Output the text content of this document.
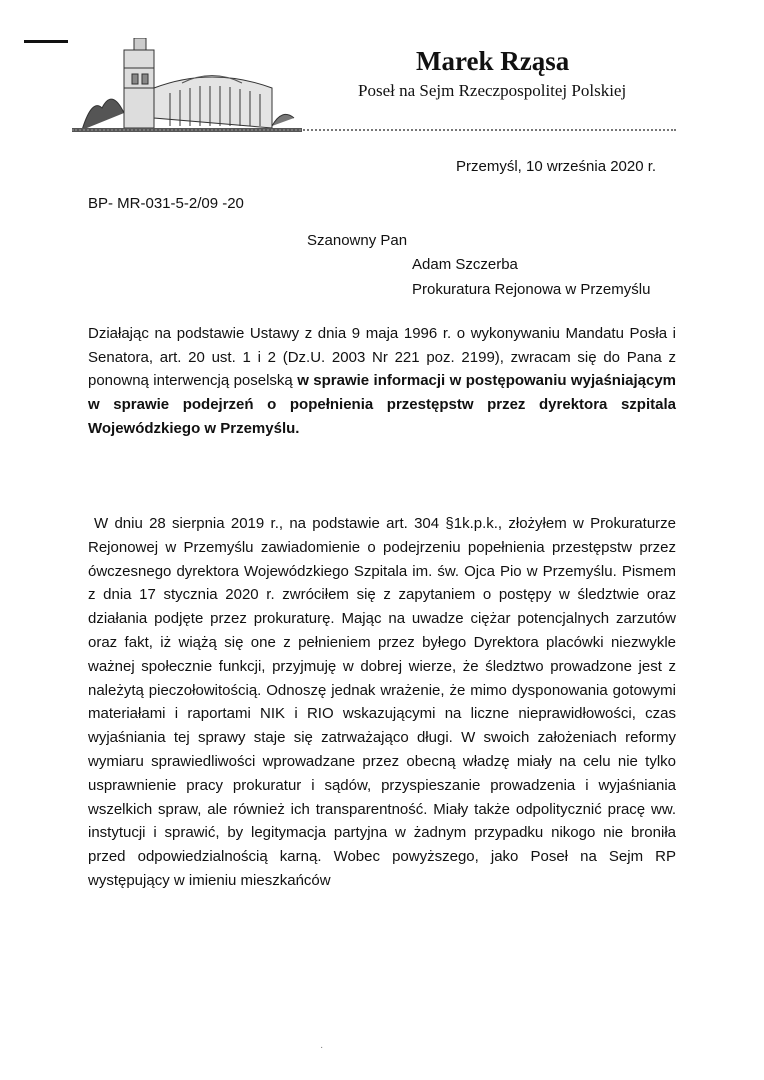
Marek Rząsa
Poseł na Sejm Rzeczpospolitej Polskiej
Przemyśl, 10 września 2020 r.
BP- MR-031-5-2/09 -20
Szanowny Pan
Adam Szczerba
Prokuratura Rejonowa w Przemyślu
Działając na podstawie Ustawy z dnia 9 maja 1996 r. o wykonywaniu Mandatu Posła i Senatora, art. 20 ust. 1 i 2 (Dz.U. 2003 Nr 221 poz. 2199), zwracam się do Pana z ponowną interwencją poselską w sprawie informacji w postępowaniu wyjaśniającym w sprawie podejrzeń o popełnienia przestępstw przez dyrektora szpitala Wojewódzkiego w Przemyślu.
W dniu 28 sierpnia 2019 r., na podstawie art. 304 §1k.p.k., złożyłem w Prokuraturze Rejonowej w Przemyślu zawiadomienie o podejrzeniu popełnienia przestępstw przez ówczesnego dyrektora Wojewódzkiego Szpitala im. św. Ojca Pio w Przemyślu. Pismem z dnia 17 stycznia 2020 r. zwróciłem się z zapytaniem o postępy w śledztwie oraz działania podjęte przez prokuraturę. Mając na uwadze ciężar potencjalnych zarzutów oraz fakt, iż wiążą się one z pełnieniem przez byłego Dyrektora placówki niezwykle ważnej społecznie funkcji, przyjmuję w dobrej wierze, że śledztwo prowadzone jest z należytą pieczołowitością. Odnoszę jednak wrażenie, że mimo dysponowania gotowymi materiałami i raportami NIK i RIO wskazującymi na liczne nieprawidłowości, czas wyjaśniania tej sprawy staje się zatrważająco długi. W swoich założeniach reformy wymiaru sprawiedliwości wprowadzane przez obecną władzę miały na celu nie tylko usprawnienie pracy prokuratur i sądów, przyspieszanie prowadzenia i wyjaśniania wszelkich spraw, ale również ich transparentność. Miały także odpolitycznić pracę ww. instytucji i sprawić, by legitymacja partyjna w żadnym przypadku nikogo nie broniła przed odpowiedzialnością karną. Wobec powyższego, jako Poseł na Sejm RP występujący w imieniu mieszkańców
·
